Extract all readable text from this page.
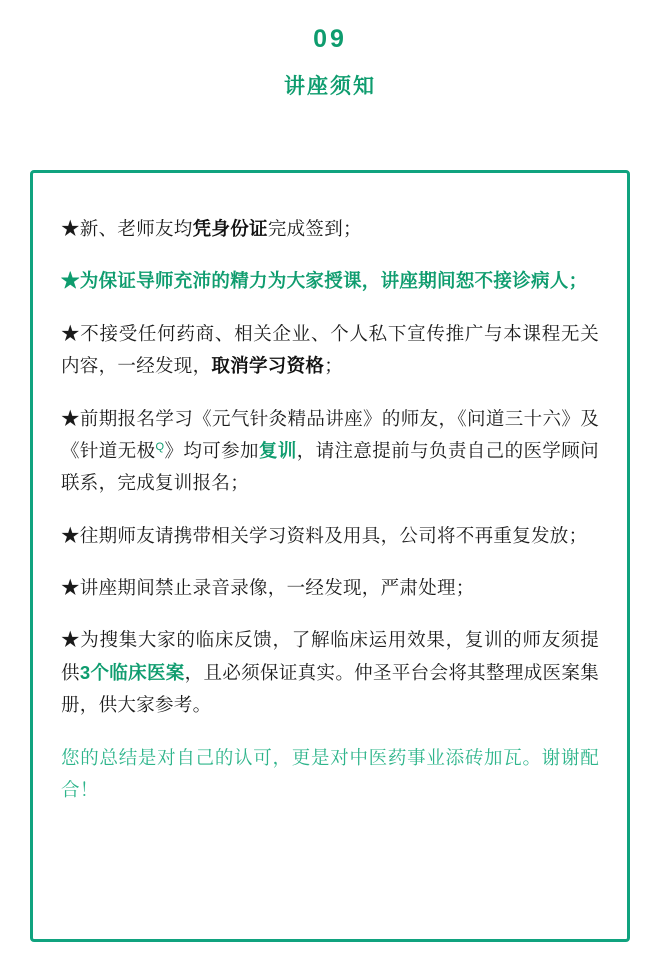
09
讲座须知
★新、老师友均凭身份证完成签到；
★为保证导师充沛的精力为大家授课，讲座期间恕不接诊病人；
★不接受任何药商、相关企业、个人私下宣传推广与本课程无关内容，一经发现，取消学习资格；
★前期报名学习《元气针灸精品讲座》的师友，《问道三十六》及《针道无极$^Q$》均可参加复训，请注意提前与负责自己的医学顾问联系，完成复训报名；
★往期师友请携带相关学习资料及用具，公司将不再重复发放；
★讲座期间禁止录音录像，一经发现，严肃处理；
★为搜集大家的临床反馈，了解临床运用效果，复训的师友须提供3个临床医案，且必须保证真实。仲圣平台会将其整理成医案集册，供大家参考。
您的总结是对自己的认可，更是对中医药事业添砖加瓦。谢谢配合！
